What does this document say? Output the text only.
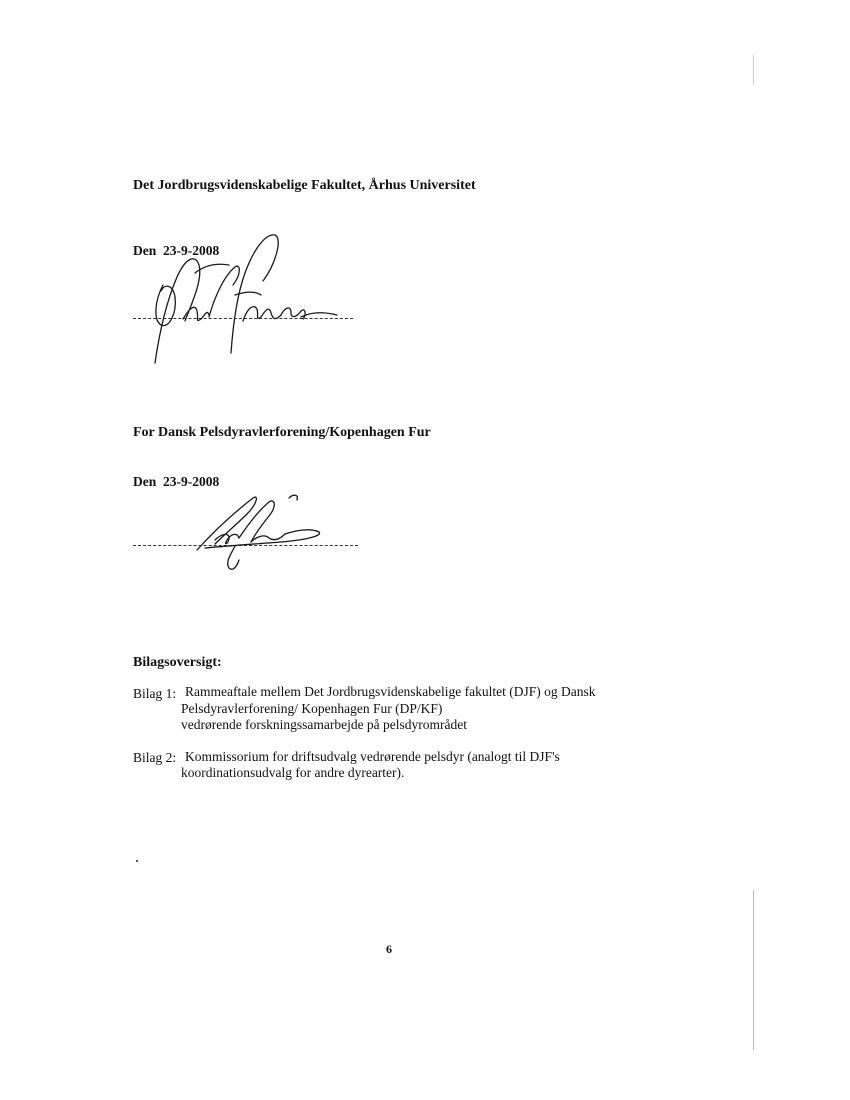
Det Jordbrugsvidenskabelige Fakultet, Århus Universitet
Den 23-9-2008
For Dansk Pelsdyravlerforening/Kopenhagen Fur
Den 23-9-2008
Bilagsoversigt:
Bilag 1: Rammeaftale mellem Det Jordbrugsvidenskabelige fakultet (DJF) og Dansk
Pelsdyravlerforening/ Kopenhagen Fur (DP/KF)
vedrørende forskningssamarbejde på pelsdyrområdet
Bilag 2: Kommissorium for driftsudvalg vedrørende pelsdyr (analogt til DJF's
koordinationsudvalg for andre dyrearter).
6
